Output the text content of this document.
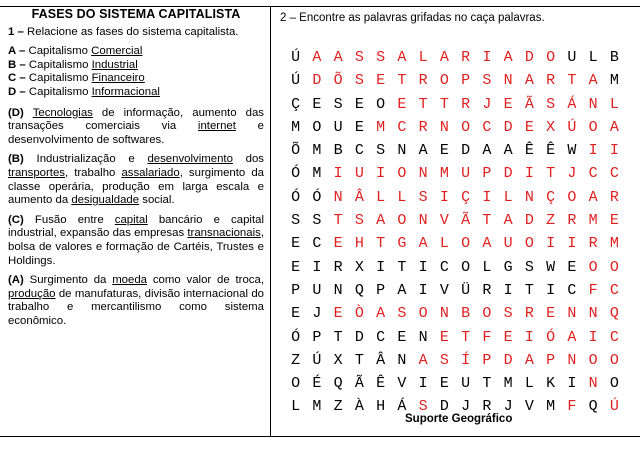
FASES DO SISTEMA CAPITALISTA

1 – Relacione as fases do sistema capitalista.

A – Capitalismo Comercial
B – Capitalismo Industrial
C – Capitalismo Financeiro
D – Capitalismo Informacional

(D) Tecnologias de informação, aumento das transações comerciais via internet e desenvolvimento de softwares.

(B) Industrialização e desenvolvimento dos transportes, trabalho assalariado, surgimento da classe operária, produção em larga escala e aumento da desigualdade social.

(C) Fusão entre capital bancário e capital industrial, expansão das empresas transnacionais, bolsa de valores e formação de Cartéis, Trustes e Holdings.

(A) Surgimento da moeda como valor de troca, produção de manufaturas, divisão internacional do trabalho e mercantilismo como sistema econômico.

2 – Encontre as palavras grifadas no caça palavras.
Ú A A S S A L A R I A D O U L B
Ú D Õ S E T R O P S N A R T A M
Ç E S E O E T T R J E Ã S Á N L
M O U E M C R N O C D E X Ú O A
Õ M B C S N A E D A A Ê Ê W I I
Ó M I U I O N M U P D I T J C C
Ó Ó N Â L L S I Ç I L N Ç O A R
S S T S A O N V Ã T A D Z R M E
E C E H T G A L O A U O I I R M
E I R X I T I C O L G S W E O O
P U N Q P A I V Ü R I T I C F C
E J E Ò A S O N B O S R E N N Q
Ó P T D C E N E T F E I Ó A I C
Z Ú X T Â N A S Í P D A P N O O
O É Q Ã Ê V I E U T M L K I N O
L M Z À H Á S D J R J V M F Q Ú
Suporte Geográfico
